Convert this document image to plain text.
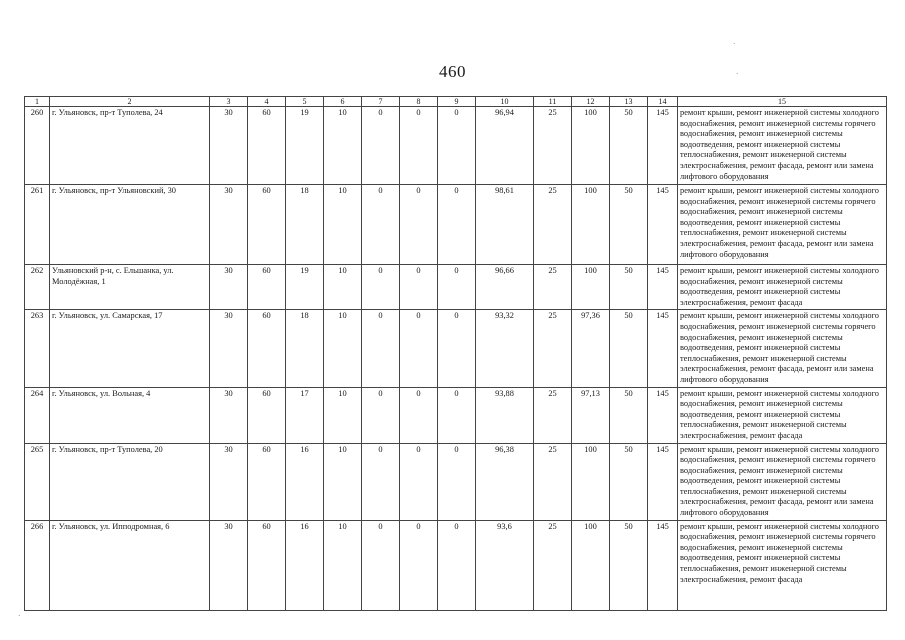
460
1	2	3	4	5	6	7	8	9	10	11	12	13	14	15
260	г. Ульяновск, пр-т Туполева, 24	30	60	19	10	0	0	0	96,94	25	100	50	145	ремонт крыши, ремонт инженерной системы холодного водоснабжения, ремонт инженерной системы горячего водоснабжения, ремонт инженерной системы водоотведения, ремонт инженерной системы теплоснабжения, ремонт инженерной системы электроснабжения, ремонт фасада, ремонт или замена лифтового оборудования
261	г. Ульяновск, пр-т Ульяновский, 30	30	60	18	10	0	0	0	98,61	25	100	50	145	ремонт крыши, ремонт инженерной системы холодного водоснабжения, ремонт инженерной системы горячего водоснабжения, ремонт инженерной системы водоотведения, ремонт инженерной системы теплоснабжения, ремонт инженерной системы электроснабжения, ремонт фасада, ремонт или замена лифтового оборудования
262	Ульяновский р-н, с. Ельшанка, ул. Молодёжная, 1	30	60	19	10	0	0	0	96,66	25	100	50	145	ремонт крыши, ремонт инженерной системы холодного водоснабжения, ремонт инженерной системы водоотведения, ремонт инженерной системы электроснабжения, ремонт фасада
263	г. Ульяновск, ул. Самарская, 17	30	60	18	10	0	0	0	93,32	25	97,36	50	145	ремонт крыши, ремонт инженерной системы холодного водоснабжения, ремонт инженерной системы горячего водоснабжения, ремонт инженерной системы водоотведения, ремонт инженерной системы теплоснабжения, ремонт инженерной системы электроснабжения, ремонт фасада, ремонт или замена лифтового оборудования
264	г. Ульяновск, ул. Вольная, 4	30	60	17	10	0	0	0	93,88	25	97,13	50	145	ремонт крыши, ремонт инженерной системы холодного водоснабжения, ремонт инженерной системы водоотведения, ремонт инженерной системы теплоснабжения, ремонт инженерной системы электроснабжения, ремонт фасада
265	г. Ульяновск, пр-т Туполева, 20	30	60	16	10	0	0	0	96,38	25	100	50	145	ремонт крыши, ремонт инженерной системы холодного водоснабжения, ремонт инженерной системы горячего водоснабжения, ремонт инженерной системы водоотведения, ремонт инженерной системы теплоснабжения, ремонт инженерной системы электроснабжения, ремонт фасада, ремонт или замена лифтового оборудования
266	г. Ульяновск, ул. Ипподромная, 6	30	60	16	10	0	0	0	93,6	25	100	50	145	ремонт крыши, ремонт инженерной системы холодного водоснабжения, ремонт инженерной системы горячего водоснабжения, ремонт инженерной системы водоотведения, ремонт инженерной системы теплоснабжения, ремонт инженерной системы электроснабжения, ремонт фасада
·
·
·
